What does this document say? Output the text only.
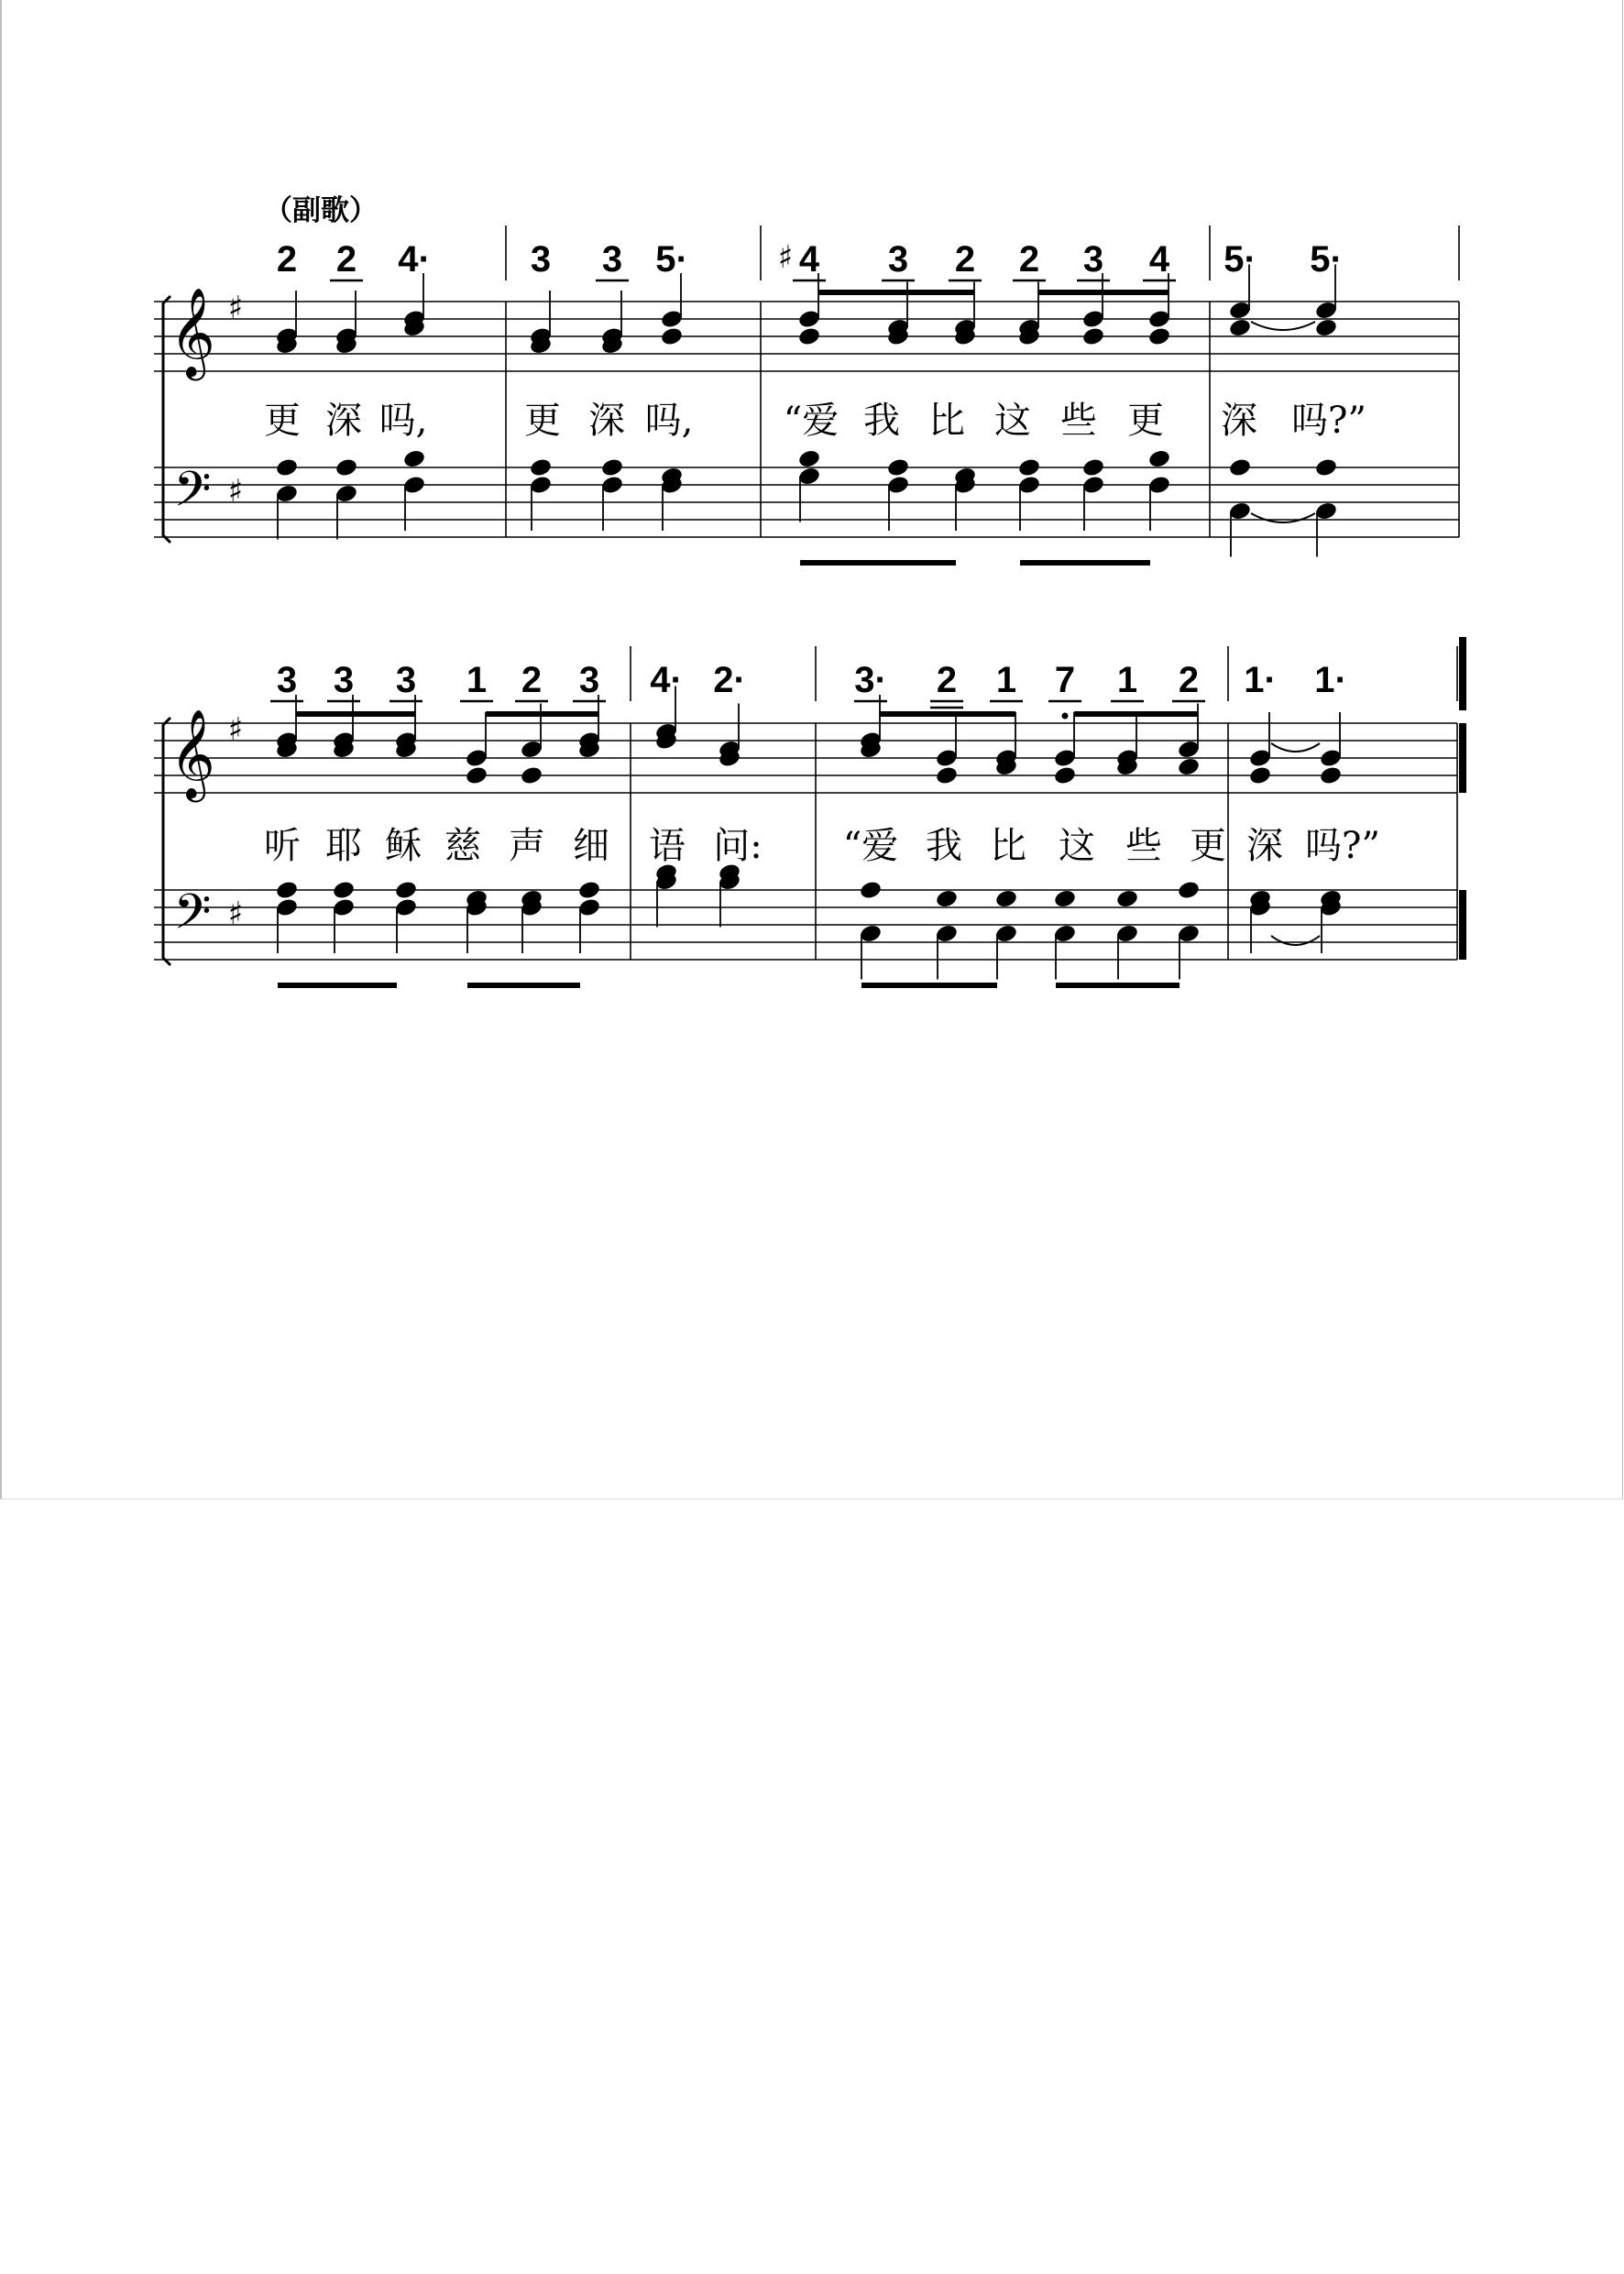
（副歌）
𝄞
𝄢
♯
♯
2 2 4·
更 深 吗,
3 3 5·
更 深 吗,
4
♯	3 2 2 3 4
“爱 我 比 这 些 更
5· 5·
深 吗?”
𝄞
𝄢
♯
♯
3 3 3 1 2 3
听 耶 稣 慈 声 细
4· 2·
语 问:
3· 2 1 7 1 2
“爱 我 比 这 些 更
1· 1·
深 吗?”
